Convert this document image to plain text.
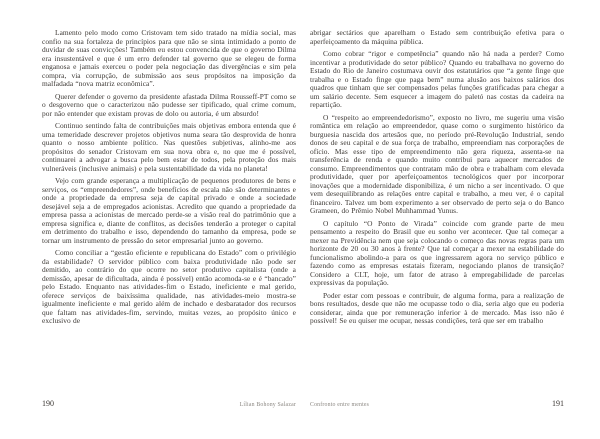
Lamento pelo modo como Cristovam tem sido tratado na mídia social, mas confio na sua fortaleza de princípios para que não se sinta intimidado a ponto de duvidar de suas convicções! Também eu estou convencida de que o governo Dilma era insustentável e que é um erro defender tal governo que se elegeu de forma enganosa e jamais exerceu o poder pela negociação das divergências e sim pela compra, via corrupção, de submissão aos seus propósitos na imposição da malfadada “nova matriz econômica”.

Querer defender o governo da presidente afastada Dilma Rousseff-PT como se o desgoverno que o caracterizou não pudesse ser tipificado, qual crime comum, por não entender que existam provas de dolo ou autoria, é um absurdo!

Continuo sentindo falta de contribuições mais objetivas embora entenda que é uma temeridade descrever projetos objetivos numa seara tão desprovida de honra quanto o nosso ambiente político. Nas questões subjetivas, alinho-me aos propósitos do senador Cristovam em sua nova obra e, no que me é possível, continuarei a advogar a busca pelo bem estar de todos, pela proteção dos mais vulneráveis (inclusive animais) e pela sustentabilidade da vida no planeta!

Vejo com grande esperança a multiplicação de pequenos produtores de bens e serviços, os “empreendedores”, onde benefícios de escala não são determinantes e onde a propriedade da empresa seja de capital privado e onde a sociedade desejável seja a de empregados acionistas. Acredito que quando a propriedade da empresa passa a acionistas de mercado perde-se a visão real do patrimônio que a empresa significa e, diante de conflitos, as decisões tenderão a proteger o capital em detrimento do trabalho e isso, dependendo do tamanho da empresa, pode se tornar um instrumento de pressão do setor empresarial junto ao governo.

Como conciliar a “gestão eficiente e republicana do Estado” com o privilégio da estabilidade? O servidor público com baixa produtividade não pode ser demitido, ao contrário do que ocorre no setor produtivo capitalista (onde a demissão, apesar de dificultada, ainda é possível) então acomoda-se e é “bancado” pelo Estado. Enquanto nas atividades-fim o Estado, ineficiente e mal gerido, oferece serviços de baixíssima qualidade, nas atividades-meio mostra-se igualmente ineficiente e mal gerido além de inchado e desbaratador dos recursos que faltam nas atividades-fim, servindo, muitas vezes, ao propósito único e exclusivo de

abrigar sectários que aparelham o Estado sem contribuição efetiva para o aperfeiçoamento da máquina pública.

Como cobrar “rigor e competência” quando não há nada a perder? Como incentivar a produtividade do setor público? Quando eu trabalhava no governo do Estado do Rio de Janeiro costumava ouvir dos estatutários que “a gente finge que trabalha e o Estado finge que paga bem” numa alusão aos baixos salários dos quadros que tinham que ser compensados pelas funções gratificadas para chegar a um salário decente. Sem esquecer a imagem do paletó nas costas da cadeira na repartição.

O “respeito ao empreendedorismo”, exposto no livro, me sugeriu uma visão romântica em relação ao empreendedor, quase como o surgimento histórico da burguesia nascida dos artesãos que, no período pré-Revolução Industrial, sendo donos de seu capital e de sua força de trabalho, empreendiam nas corporações de ofício. Mas esse tipo de empreendimento não gera riqueza, assenta-se na transferência de renda e quando muito contribui para aquecer mercados de consumo. Empreendimentos que contratam mão de obra e trabalham com elevada produtividade, quer por aperfeiçoamentos tecnológicos quer por incorporar inovações que a modernidade disponibiliza, é um nicho a ser incentivado. O que vem desequilibrando as relações entre capital e trabalho, a meu ver, é o capital financeiro. Talvez um bom experimento a ser observado de perto seja o do Banco Grameen, do Prêmio Nobel Muhhammad Yunus.

O capítulo “O Ponto de Virada” coincide com grande parte de meu pensamento a respeito do Brasil que eu sonho ver acontecer. Que tal começar a mexer na Previdência nem que seja colocando o começo das novas regras para um horizonte de 20 ou 30 anos à frente? Que tal começar a mexer na estabilidade do funcionalismo abolindo-a para os que ingressarem agora no serviço público e fazendo como as empresas estatais fizeram, negociando planos de transição? Considero a CLT, hoje, um fator de atraso à empregabilidade de parcelas expressivas da população.

Poder estar com pessoas e contribuir, de alguma forma, para a realização de bons resultados, desde que não me ocupasse todo o dia, seria algo que eu poderia considerar, ainda que por remuneração inferior à de mercado. Mas isso não é possível! Se eu quiser me ocupar, nessas condições, terá que ser em trabalho

190	Lílian Bohony Salazar Confronto entre mentes	191
